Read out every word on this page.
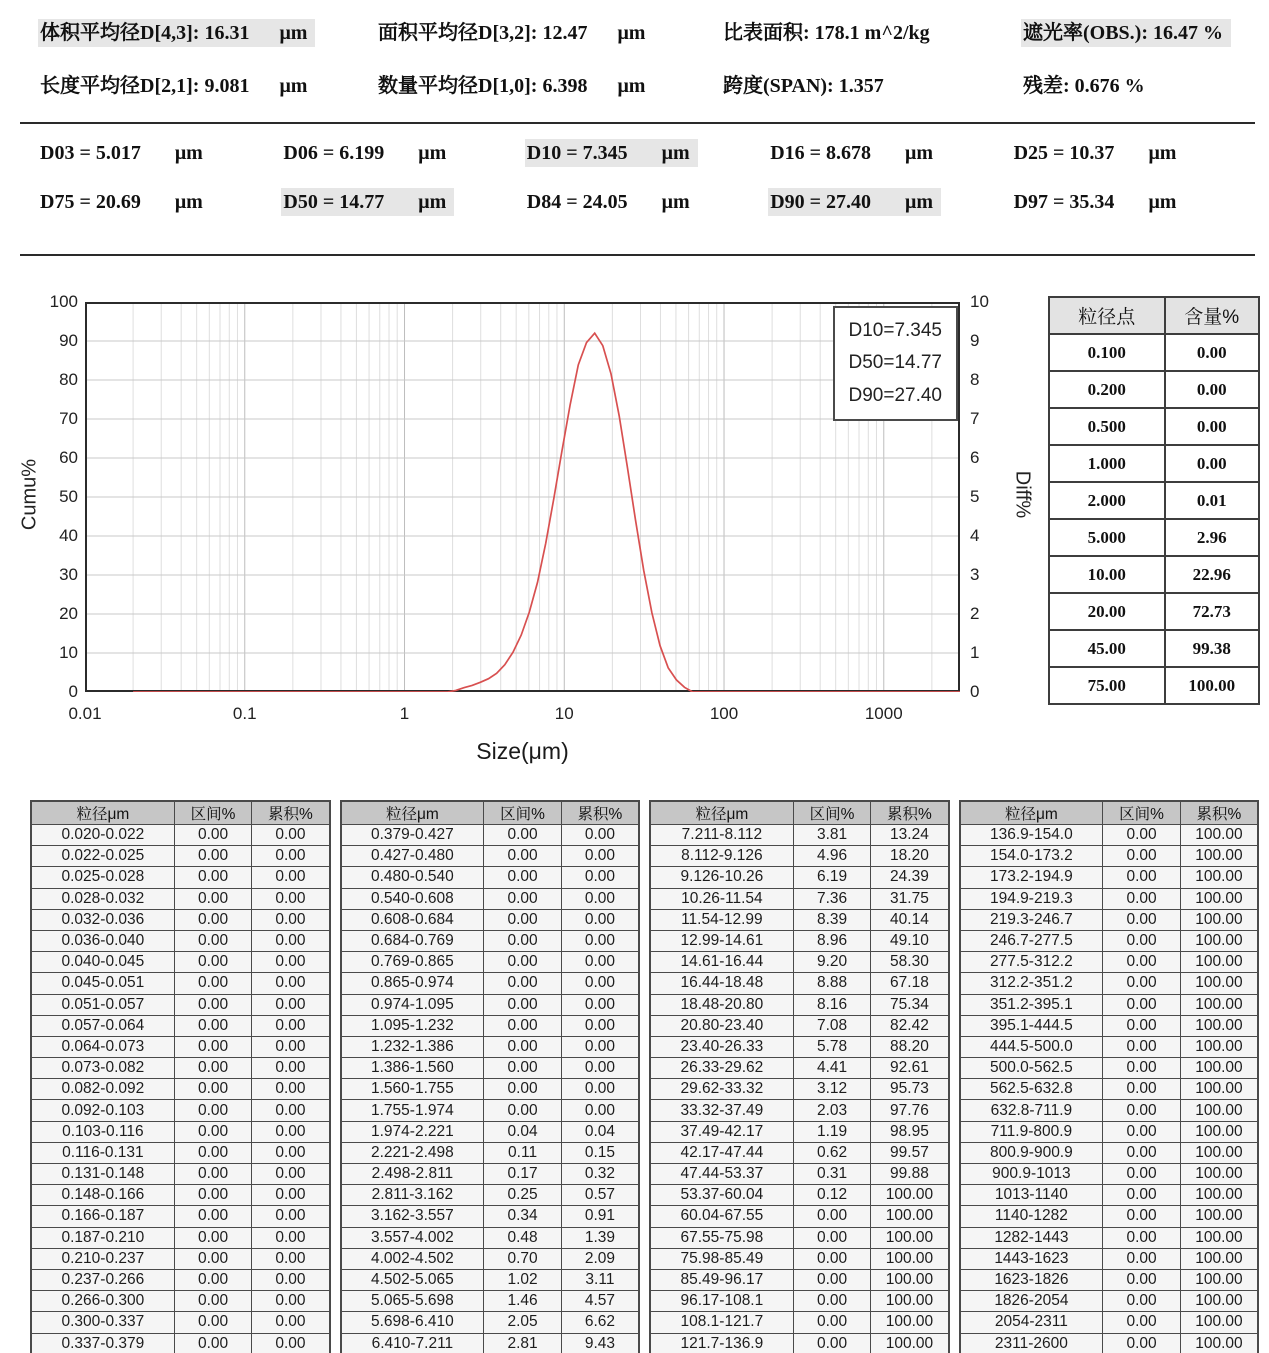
体积平均径D[4,3]: 16.31 μm	面积平均径D[3,2]: 12.47 μm	比表面积: 178.1 m^2/kg	遮光率(OBS.): 16.47 %
长度平均径D[2,1]: 9.081 μm	数量平均径D[1,0]: 6.398 μm	跨度(SPAN): 1.357	残差: 0.676 %
D03 = 5.017 μm	D06 = 6.199 μm	D10 = 7.345 μm	D16 = 8.678 μm	D25 = 10.37 μm
D75 = 20.69 μm	D50 = 14.77 μm	D84 = 24.05 μm	D90 = 27.40 μm	D97 = 35.34 μm
Cumu%
D10=7.345
D50=14.77
D90=27.40
Diff%
Size(μm)
粒径点	含量%
0.100	0.00
0.200	0.00
0.500	0.00
1.000	0.00
2.000	0.01
5.000	2.96
10.00	22.96
20.00	72.73
45.00	99.38
75.00	100.00
0
10
20
30
40
50
60
70
80
90
100
0
1
2
3
4
5
6
7
8
9
10
0.01	0.1	1	10	100	1000
粒径μm	区间%	累积%
0.020-0.022	0.00	0.00
0.022-0.025	0.00	0.00
0.025-0.028	0.00	0.00
0.028-0.032	0.00	0.00
0.032-0.036	0.00	0.00
0.036-0.040	0.00	0.00
0.040-0.045	0.00	0.00
0.045-0.051	0.00	0.00
0.051-0.057	0.00	0.00
0.057-0.064	0.00	0.00
0.064-0.073	0.00	0.00
0.073-0.082	0.00	0.00
0.082-0.092	0.00	0.00
0.092-0.103	0.00	0.00
0.103-0.116	0.00	0.00
0.116-0.131	0.00	0.00
0.131-0.148	0.00	0.00
0.148-0.166	0.00	0.00
0.166-0.187	0.00	0.00
0.187-0.210	0.00	0.00
0.210-0.237	0.00	0.00
0.237-0.266	0.00	0.00
0.266-0.300	0.00	0.00
0.300-0.337	0.00	0.00
0.337-0.379	0.00	0.00
粒径μm	区间%	累积%
0.379-0.427	0.00	0.00
0.427-0.480	0.00	0.00
0.480-0.540	0.00	0.00
0.540-0.608	0.00	0.00
0.608-0.684	0.00	0.00
0.684-0.769	0.00	0.00
0.769-0.865	0.00	0.00
0.865-0.974	0.00	0.00
0.974-1.095	0.00	0.00
1.095-1.232	0.00	0.00
1.232-1.386	0.00	0.00
1.386-1.560	0.00	0.00
1.560-1.755	0.00	0.00
1.755-1.974	0.00	0.00
1.974-2.221	0.04	0.04
2.221-2.498	0.11	0.15
2.498-2.811	0.17	0.32
2.811-3.162	0.25	0.57
3.162-3.557	0.34	0.91
3.557-4.002	0.48	1.39
4.002-4.502	0.70	2.09
4.502-5.065	1.02	3.11
5.065-5.698	1.46	4.57
5.698-6.410	2.05	6.62
6.410-7.211	2.81	9.43
粒径μm	区间%	累积%
7.211-8.112	3.81	13.24
8.112-9.126	4.96	18.20
9.126-10.26	6.19	24.39
10.26-11.54	7.36	31.75
11.54-12.99	8.39	40.14
12.99-14.61	8.96	49.10
14.61-16.44	9.20	58.30
16.44-18.48	8.88	67.18
18.48-20.80	8.16	75.34
20.80-23.40	7.08	82.42
23.40-26.33	5.78	88.20
26.33-29.62	4.41	92.61
29.62-33.32	3.12	95.73
33.32-37.49	2.03	97.76
37.49-42.17	1.19	98.95
42.17-47.44	0.62	99.57
47.44-53.37	0.31	99.88
53.37-60.04	0.12	100.00
60.04-67.55	0.00	100.00
67.55-75.98	0.00	100.00
75.98-85.49	0.00	100.00
85.49-96.17	0.00	100.00
96.17-108.1	0.00	100.00
108.1-121.7	0.00	100.00
121.7-136.9	0.00	100.00
粒径μm	区间%	累积%
136.9-154.0	0.00	100.00
154.0-173.2	0.00	100.00
173.2-194.9	0.00	100.00
194.9-219.3	0.00	100.00
219.3-246.7	0.00	100.00
246.7-277.5	0.00	100.00
277.5-312.2	0.00	100.00
312.2-351.2	0.00	100.00
351.2-395.1	0.00	100.00
395.1-444.5	0.00	100.00
444.5-500.0	0.00	100.00
500.0-562.5	0.00	100.00
562.5-632.8	0.00	100.00
632.8-711.9	0.00	100.00
711.9-800.9	0.00	100.00
800.9-900.9	0.00	100.00
900.9-1013	0.00	100.00
1013-1140	0.00	100.00
1140-1282	0.00	100.00
1282-1443	0.00	100.00
1443-1623	0.00	100.00
1623-1826	0.00	100.00
1826-2054	0.00	100.00
2054-2311	0.00	100.00
2311-2600	0.00	100.00
